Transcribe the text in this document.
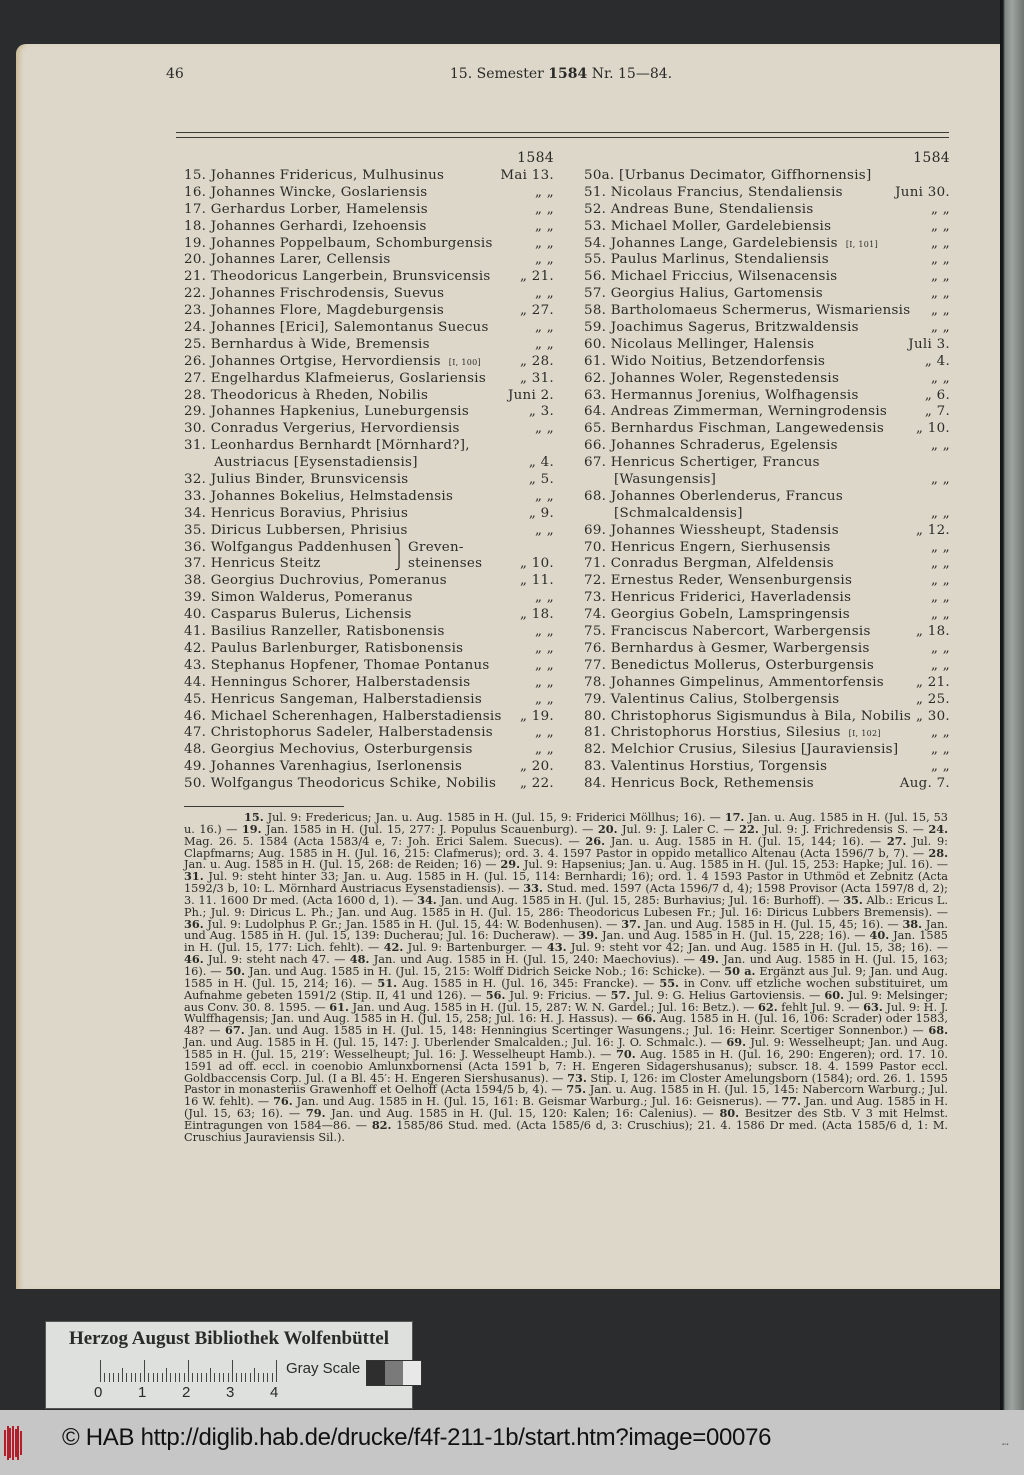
46	15. Semester 1584 Nr. 15—84.
1584
15. Johannes Fridericus, Mulhusinus	Mai 13.
16. Johannes Wincke, Goslariensis	„ „
17. Gerhardus Lorber, Hamelensis	„ „
18. Johannes Gerhardi, Izehoensis	„ „
19. Johannes Poppelbaum, Schomburgensis	„ „
20. Johannes Larer, Cellensis	„ „
21. Theodoricus Langerbein, Brunsvicensis „ 21.
22. Johannes Frischrodensis, Suevus	„ „
23. Johannes Flore, Magdeburgensis	„ 27.
24. Johannes [Erici], Salemontanus Suecus	„ „
25. Bernhardus à Wide, Bremensis	„ „
26. Johannes Ortgise, Hervordiensis [I, 100]	„ 28.
27. Engelhardus Klafmeierus, Goslariensis	„ 31.
28. Theodoricus à Rheden, Nobilis	Juni 2.
29. Johannes Hapkenius, Luneburgensis	„ 3.
30. Conradus Vergerius, Hervordiensis	„ „
31. Leonhardus Bernhardt [Mörnhard?],
Austriacus [Eysenstadiensis]	„ 4.
32. Julius Binder, Brunsvicensis	„ 5.
33. Johannes Bokelius, Helmstadensis	„ „
34. Henricus Boravius, Phrisius	„ 9.
35. Diricus Lubbersen, Phrisius	„ „
36. Wolfgangus Paddenhusen ⎫ Greven-
37. Henricus Steitz	⎭ steinenses	„ 10.
38. Georgius Duchrovius, Pomeranus	„ 11.
39. Simon Walderus, Pomeranus	„ „
40. Casparus Bulerus, Lichensis	„ 18.
41. Basilius Ranzeller, Ratisbonensis	„ „
42. Paulus Barlenburger, Ratisbonensis	„ „
43. Stephanus Hopfener, Thomae Pontanus	„ „
44. Henningus Schorer, Halberstadensis	„ „
45. Henricus Sangeman, Halberstadiensis	„ „
46. Michael Scherenhagen, Halberstadiensis „ 19.
47. Christophorus Sadeler, Halberstadensis	„ „
48. Georgius Mechovius, Osterburgensis	„ „
49. Johannes Varenhagius, Iserlonensis	„ 20.
50. Wolfgangus Theodoricus Schike, Nobilis „ 22.
1584
50a. [Urbanus Decimator, Giffhornensis]
51. Nicolaus Francius, Stendaliensis	Juni 30.
52. Andreas Bune, Stendaliensis	„ „
53. Michael Moller, Gardelebiensis	„ „
54. Johannes Lange, Gardelebiensis [I, 101]	„ „
55. Paulus Marlinus, Stendaliensis	„ „
56. Michael Friccius, Wilsenacensis	„ „
57. Georgius Halius, Gartomensis	„ „
58. Bartholomaeus Schermerus, Wismariensis „ „
59. Joachimus Sagerus, Britzwaldensis	„ „
60. Nicolaus Mellinger, Halensis	Juli 3.
61. Wido Noitius, Betzendorfensis	„ 4.
62. Johannes Woler, Regenstedensis	„ „
63. Hermannus Jorenius, Wolfhagensis	„ 6.
64. Andreas Zimmerman, Werningrodensis	„ 7.
65. Bernhardus Fischman, Langewedensis „ 10.
66. Johannes Schraderus, Egelensis	„ „
67. Henricus Schertiger, Francus
[Wasungensis]	„ „
68. Johannes Oberlenderus, Francus
[Schmalcaldensis]	„ „
69. Johannes Wiessheupt, Stadensis	„ 12.
70. Henricus Engern, Sierhusensis	„ „
71. Conradus Bergman, Alfeldensis	„ „
72. Ernestus Reder, Wensenburgensis	„ „
73. Henricus Friderici, Haverladensis	„ „
74. Georgius Gobeln, Lamspringensis	„ „
75. Franciscus Nabercort, Warbergensis	„ 18.
76. Bernhardus à Gesmer, Warbergensis	„ „
77. Benedictus Mollerus, Osterburgensis	„ „
78. Johannes Gimpelinus, Ammentorfensis „ 21.
79. Valentinus Calius, Stolbergensis	„ 25.
80. Christophorus Sigismundus à Bila, Nobilis „ 30.
81. Christophorus Horstius, Silesius [I, 102]	„ „
82. Melchior Crusius, Silesius [Jauraviensis] „ „
83. Valentinus Horstius, Torgensis	„ „
84. Henricus Bock, Rethemensis	Aug. 7.
15. Jul. 9: Fredericus; Jan. u. Aug. 1585 in H. (Jul. 15, 9: Friderici Möllhus; 16). — 17. Jan. u. Aug. 1585 in H. (Jul. 15, 53 u. 16.) — 19. Jan. 1585 in H. (Jul. 15, 277: J. Populus Scauenburg). — 20. Jul. 9: J. Laler C. — 22. Jul. 9: J. Frichredensis S. — 24. Mag. 26. 5. 1584 (Acta 1583/4 e, 7: Joh. Erici Salem. Suecus). — 26. Jan. u. Aug. 1585 in H. (Jul. 15, 144; 16). — 27. Jul. 9: Clapfmarns; Aug. 1585 in H. (Jul. 16, 215: Clafmerus); ord. 3. 4. 1597 Pastor in oppido metallico Altenau (Acta 1596/7 b, 7). — 28. Jan. u. Aug. 1585 in H. (Jul. 15, 268: de Reiden; 16) — 29. Jul. 9: Hapsenius; Jan. u. Aug. 1585 in H. (Jul. 15, 253: Hapke; Jul. 16). — 31. Jul. 9: steht hinter 33; Jan. u. Aug. 1585 in H. (Jul. 15, 114: Bernhardi; 16); ord. 1. 4 1593 Pastor in Uthmöd et Zebnitz (Acta 1592/3 b, 10: L. Mörnhard Austriacus Eysenstadiensis). — 33. Stud. med. 1597 (Acta 1596/7 d, 4); 1598 Provisor (Acta 1597/8 d, 2); 3. 11. 1600 Dr med. (Acta 1600 d, 1). — 34. Jan. und Aug. 1585 in H. (Jul. 15, 285: Burhavius; Jul. 16: Burhoff). — 35. Alb.: Ericus L. Ph.; Jul. 9: Diricus L. Ph.; Jan. und Aug. 1585 in H. (Jul. 15, 286: Theodoricus Lubesen Fr.; Jul. 16: Diricus Lubbers Bremensis). — 36. Jul. 9: Ludolphus P. Gr.; Jan. 1585 in H. (Jul. 15, 44: W. Bodenhusen). — 37. Jan. und Aug. 1585 in H. (Jul. 15, 45; 16). — 38. Jan. und Aug. 1585 in H. (Jul. 15, 139: Ducherau; Jul. 16: Ducheraw). — 39. Jan. und Aug. 1585 in H. (Jul. 15, 228; 16). — 40. Jan. 1585 in H. (Jul. 15, 177: Lich. fehlt). — 42. Jul. 9: Bartenburger. — 43. Jul. 9: steht vor 42; Jan. und Aug. 1585 in H. (Jul. 15, 38; 16). — 46. Jul. 9: steht nach 47. — 48. Jan. und Aug. 1585 in H. (Jul. 15, 240: Maechovius). — 49. Jan. und Aug. 1585 in H. (Jul. 15, 163; 16). — 50. Jan. und Aug. 1585 in H. (Jul. 15, 215: Wolff Didrich Seicke Nob.; 16: Schicke). — 50 a. Ergänzt aus Jul. 9; Jan. und Aug. 1585 in H. (Jul. 15, 214; 16). — 51. Aug. 1585 in H. (Jul. 16, 345: Francke). — 55. in Conv. uff etzliche wochen substituiret, um Aufnahme gebeten 1591/2 (Stip. II, 41 und 126). — 56. Jul. 9: Fricius. — 57. Jul. 9: G. Helius Gartoviensis. — 60. Jul. 9: Melsinger; aus Conv. 30. 8. 1595. — 61. Jan. und Aug. 1585 in H. (Jul. 15, 287: W. N. Gardel.; Jul. 16: Betz.). — 62. fehlt Jul. 9. — 63. Jul. 9: H. J. Wulffhagensis; Jan. und Aug. 1585 in H. (Jul. 15, 258; Jul. 16: H. J. Hassus). — 66. Aug. 1585 in H. (Jul. 16, 106: Scrader) oder 1583, 48? — 67. Jan. und Aug. 1585 in H. (Jul. 15, 148: Henningius Scertinger Wasungens.; Jul. 16: Heinr. Scertiger Sonnenbor.) — 68. Jan. und Aug. 1585 in H. (Jul. 15, 147: J. Uberlender Smalcalden.; Jul. 16: J. O. Schmalc.). — 69. Jul. 9: Wesselheupt; Jan. und Aug. 1585 in H. (Jul. 15, 219′: Wesselheupt; Jul. 16: J. Wesselheupt Hamb.). — 70. Aug. 1585 in H. (Jul. 16, 290: Engeren); ord. 17. 10. 1591 ad off. eccl. in coenobio Amlunxbornensi (Acta 1591 b, 7: H. Engeren Sidagershusanus); subscr. 18. 4. 1599 Pastor eccl. Goldbaccensis Corp. Jul. (I a Bl. 45′: H. Engeren Siershusanus). — 73. Stip. I, 126: im Closter Amelungsborn (1584); ord. 26. 1. 1595 Pastor in monasteriis Grawenhoff et Oelhoff (Acta 1594/5 b, 4). — 75. Jan. u. Aug. 1585 in H. (Jul. 15, 145: Nabercorn Warburg.; Jul. 16 W. fehlt). — 76. Jan. und Aug. 1585 in H. (Jul. 15, 161: B. Geismar Warburg.; Jul. 16: Geisnerus). — 77. Jan. und Aug. 1585 in H. (Jul. 15, 63; 16). — 79. Jan. und Aug. 1585 in H. (Jul. 15, 120: Kalen; 16: Calenius). — 80. Besitzer des Stb. V 3 mit Helmst. Eintragungen von 1584—86. — 82. 1585/86 Stud. med. (Acta 1585/6 d, 3: Cruschius); 21. 4. 1586 Dr med. (Acta 1585/6 d, 1: M. Cruschius Jauraviensis Sil.).
Herzog August Bibliothek Wolfenbüttel
0 1 2 3 4
Gray Scale
© HAB http://diglib.hab.de/drucke/f4f-211-1b/start.htm?image=00076	▪▫▪
